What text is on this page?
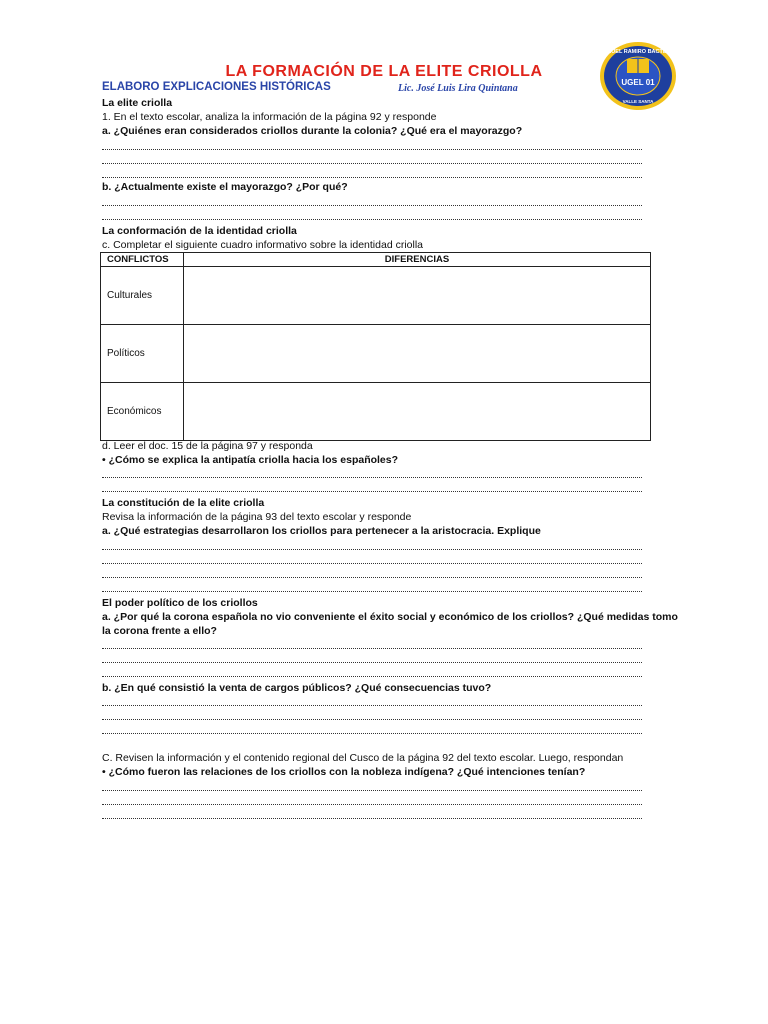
LA FORMACIÓN DE LA ELITE CRIOLLA
ELABORO EXPLICACIONES HISTÓRICAS	Lic. José Luis Lira Quintana
MANUEL RAMIRO BACTELLA
UGEL 01
VALLE SANTA
La elite criolla
1. En el texto escolar, analiza la información de la página 92 y responde
a. ¿Quiénes eran considerados criollos durante la colonia? ¿Qué era el mayorazgo?
b. ¿Actualmente existe el mayorazgo? ¿Por qué?
La conformación de la identidad criolla
c. Completar el siguiente cuadro informativo sobre la identidad criolla
CONFLICTOS	DIFERENCIAS
Culturales	
Políticos	
Económicos	
d. Leer el doc. 15 de la página 97 y responda
• ¿Cómo se explica la antipatía criolla hacia los españoles?
La constitución de la elite criolla
Revisa la información de la página 93 del texto escolar y responde
a. ¿Qué estrategias desarrollaron los criollos para pertenecer a la aristocracia. Explique
El poder político de los criollos
a. ¿Por qué la corona española no vio conveniente el éxito social y económico de los criollos? ¿Qué medidas tomo
la corona frente a ello?
b. ¿En qué consistió la venta de cargos públicos? ¿Qué consecuencias tuvo?
C. Revisen la información y el contenido regional del Cusco de la página 92 del texto escolar. Luego, respondan
• ¿Cómo fueron las relaciones de los criollos con la nobleza indígena? ¿Qué intenciones tenían?
